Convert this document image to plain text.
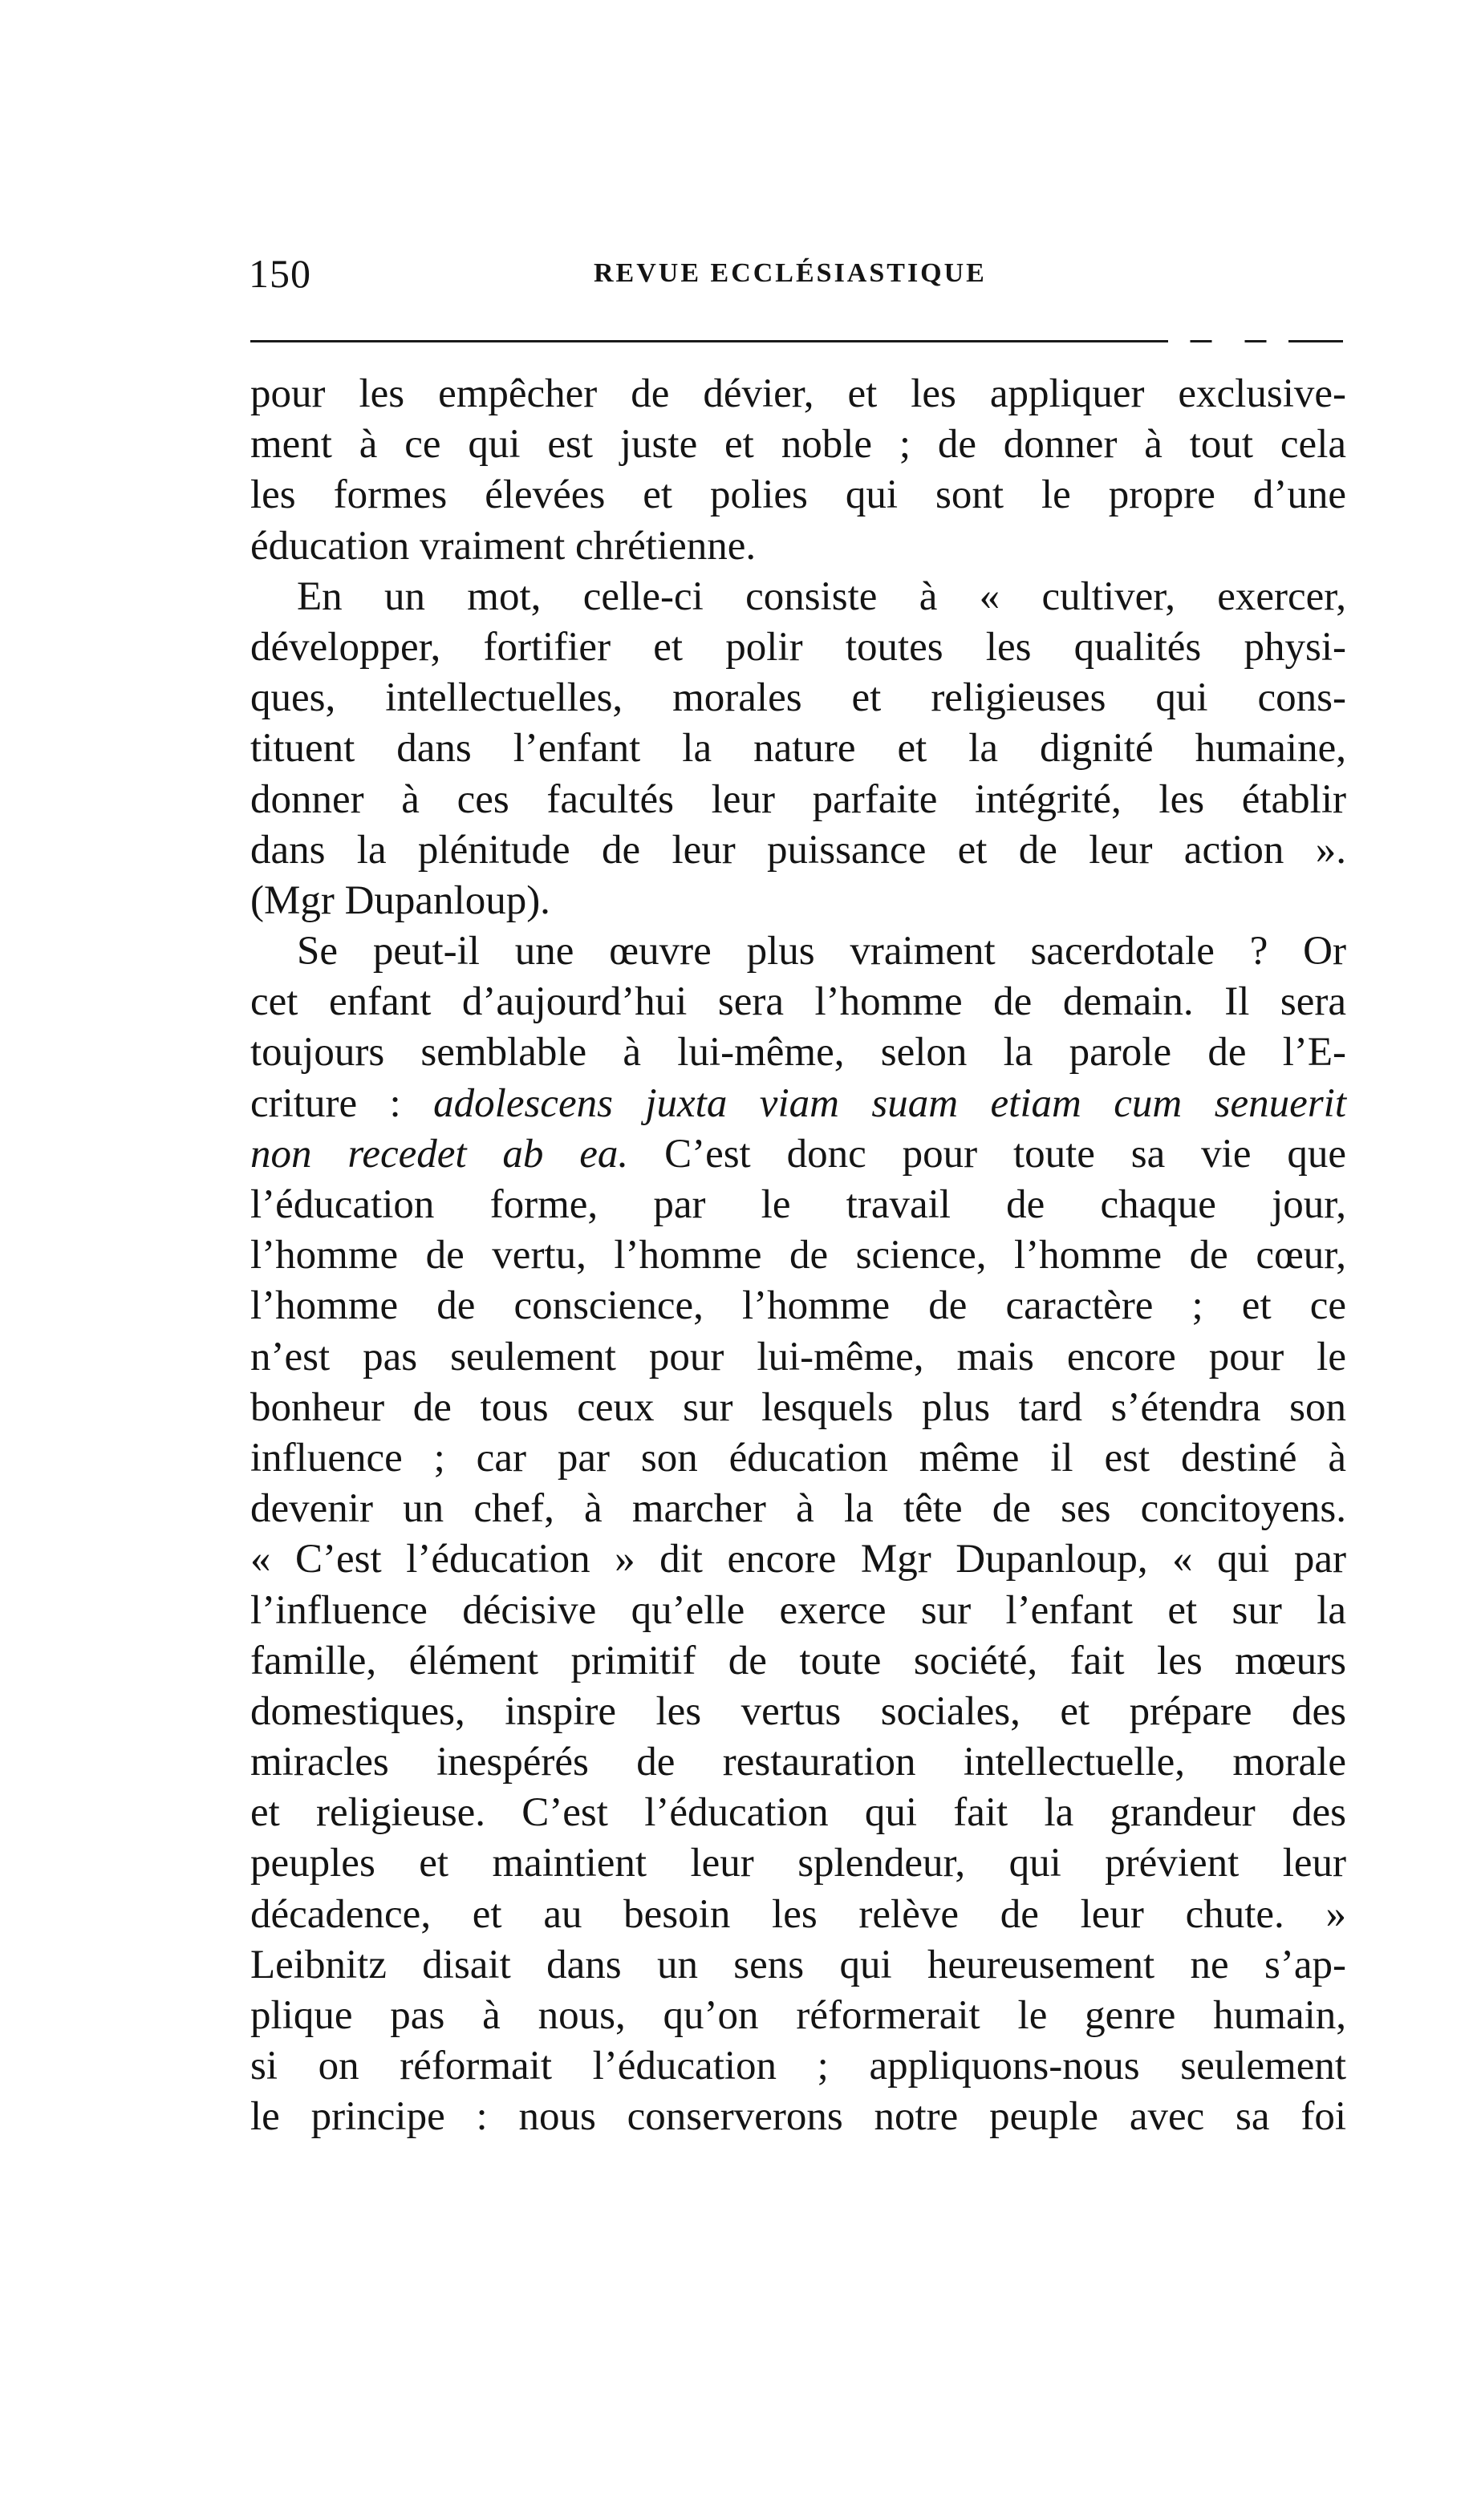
150	REVUE ECCLÉSIASTIQUE
pour les empêcher de dévier, et les appliquer exclusive-
ment à ce qui est juste et noble ; de donner à tout cela
les formes élevées et polies qui sont le propre d’une
éducation vraiment chrétienne.
En un mot, celle-ci consiste à « cultiver, exercer,
développer, fortifier et polir toutes les qualités physi-
ques, intellectuelles, morales et religieuses qui cons-
tituent dans l’enfant la nature et la dignité humaine,
donner à ces facultés leur parfaite intégrité, les établir
dans la plénitude de leur puissance et de leur action ».
(Mgr Dupanloup).
Se peut-il une œuvre plus vraiment sacerdotale ? Or
cet enfant d’aujourd’hui sera l’homme de demain. Il sera
toujours semblable à lui-même, selon la parole de l’E-
criture : adolescens juxta viam suam etiam cum senuerit
non recedet ab ea. C’est donc pour toute sa vie que
l’éducation forme, par le travail de chaque jour,
l’homme de vertu, l’homme de science, l’homme de cœur,
l’homme de conscience, l’homme de caractère ; et ce
n’est pas seulement pour lui-même, mais encore pour le
bonheur de tous ceux sur lesquels plus tard s’étendra son
influence ; car par son éducation même il est destiné à
devenir un chef, à marcher à la tête de ses concitoyens.
« C’est l’éducation » dit encore Mgr Dupanloup, « qui par
l’influence décisive qu’elle exerce sur l’enfant et sur la
famille, élément primitif de toute société, fait les mœurs
domestiques, inspire les vertus sociales, et prépare des
miracles inespérés de restauration intellectuelle, morale
et religieuse. C’est l’éducation qui fait la grandeur des
peuples et maintient leur splendeur, qui prévient leur
décadence, et au besoin les relève de leur chute. »
Leibnitz disait dans un sens qui heureusement ne s’ap-
plique pas à nous, qu’on réformerait le genre humain,
si on réformait l’éducation ; appliquons-nous seulement
le principe : nous conserverons notre peuple avec sa foi
